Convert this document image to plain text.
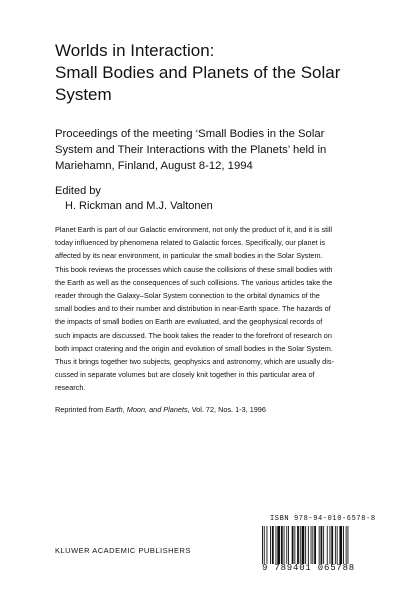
Worlds in Interaction:
Small Bodies and Planets of the Solar
System
Proceedings of the meeting ‘Small Bodies in the Solar
System and Their Interactions with the Planets’ held in
Mariehamn, Finland, August 8-12, 1994
Edited by
H. Rickman and M.J. Valtonen
Planet Earth is part of our Galactic environment, not only the product of it, and it is still
today influenced by phenomena related to Galactic forces. Specifically, our planet is
affected by its near environment, in particular the small bodies in the Solar System.
This book reviews the processes which cause the collisions of these small bodies with
the Earth as well as the consequences of such collisions. The various articles take the
reader through the Galaxy–Solar System connection to the orbital dynamics of the
small bodies and to their number and distribution in near-Earth space. The hazards of
the impacts of small bodies on Earth are evaluated, and the geophysical records of
such impacts are discussed. The book takes the reader to the forefront of research on
both impact cratering and the origin and evolution of small bodies in the Solar System.
Thus it brings together two subjects, geophysics and astronomy, which are usually dis-
cussed in separate volumes but are closely knit together in this particular area of
research.
Reprinted from Earth, Moon, and Planets, Vol. 72, Nos. 1-3, 1996
ISBN 978-94-010-6578-8
9 789401 065788
KLUWER ACADEMIC PUBLISHERS
